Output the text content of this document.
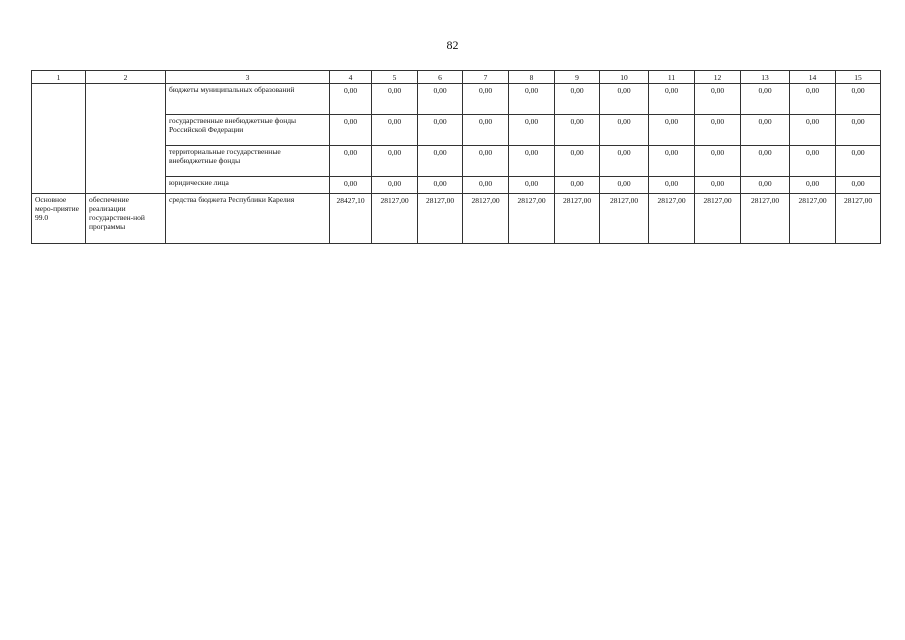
82
1	2	3	4	5	6	7	8	9	10	11	12	13	14	15
		бюджеты муниципальных образований	0,00	0,00	0,00	0,00	0,00	0,00	0,00	0,00	0,00	0,00	0,00	0,00
		государственные внебюджетные фонды Российской Федерации	0,00	0,00	0,00	0,00	0,00	0,00	0,00	0,00	0,00	0,00	0,00	0,00
		территориальные государственные внебюджетные фонды	0,00	0,00	0,00	0,00	0,00	0,00	0,00	0,00	0,00	0,00	0,00	0,00
		юридические лица	0,00	0,00	0,00	0,00	0,00	0,00	0,00	0,00	0,00	0,00	0,00	0,00
Основное меро-приятие 99.0	обеспечение реализации государствен-ной программы	средства бюджета Республики Карелия	28427,10	28127,00	28127,00	28127,00	28127,00	28127,00	28127,00	28127,00	28127,00	28127,00	28127,00	28127,00
